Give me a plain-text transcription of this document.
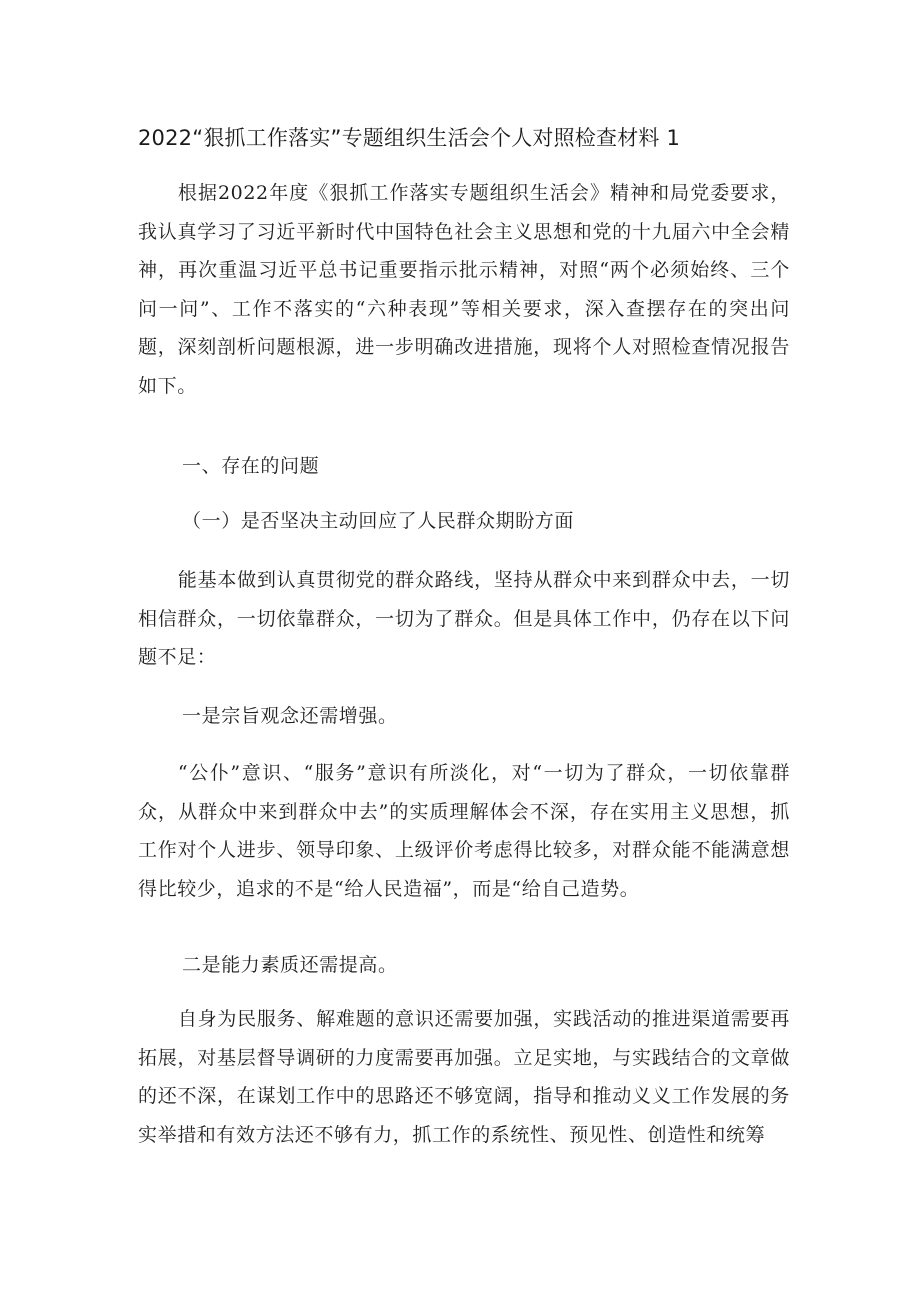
2022“狠抓工作落实”专题组织生活会个人对照检查材料 1
根据2022年度《狠抓工作落实专题组织生活会》精神和局党委要求，我认真学习了习近平新时代中国特色社会主义思想和党的十九届六中全会精神，再次重温习近平总书记重要指示批示精神，对照“两个必须始终、三个问一问”、工作不落实的“六种表现”等相关要求，深入查摆存在的突出问题，深刻剖析问题根源，进一步明确改进措施，现将个人对照检查情况报告如下。
一、存在的问题
（一）是否坚决主动回应了人民群众期盼方面
能基本做到认真贯彻党的群众路线，坚持从群众中来到群众中去，一切相信群众，一切依靠群众，一切为了群众。但是具体工作中，仍存在以下问题不足：
一是宗旨观念还需增强。
“公仆”意识、“服务”意识有所淡化，对“一切为了群众，一切依靠群众，从群众中来到群众中去”的实质理解体会不深，存在实用主义思想，抓工作对个人进步、领导印象、上级评价考虑得比较多，对群众能不能满意想得比较少，追求的不是“给人民造福”，而是“给自己造势。
二是能力素质还需提高。
自身为民服务、解难题的意识还需要加强，实践活动的推进渠道需要再拓展，对基层督导调研的力度需要再加强。立足实地，与实践结合的文章做的还不深，在谋划工作中的思路还不够宽阔，指导和推动义义工作发展的务实举措和有效方法还不够有力，抓工作的系统性、预见性、创造性和统筹
